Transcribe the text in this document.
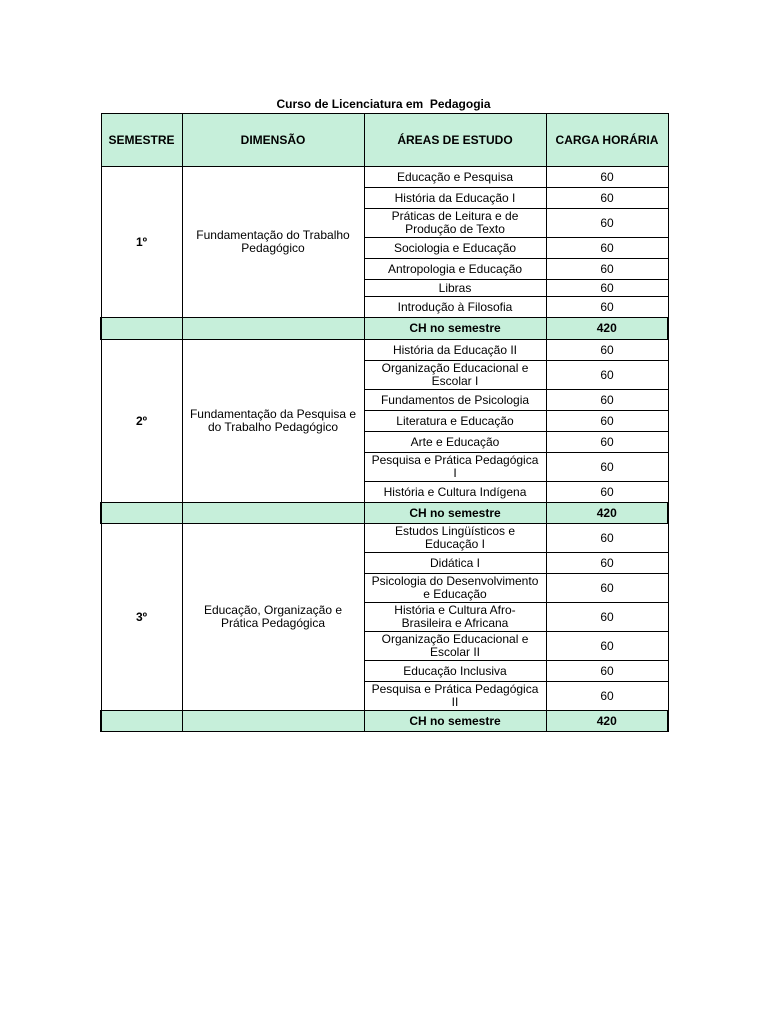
Curso de Licenciatura em  Pedagogia
SEMESTRE	DIMENSÃO	ÁREAS DE ESTUDO	CARGA HORÁRIA
1º	Fundamentação do Trabalho Pedagógico	Educação e Pesquisa	60
		História da Educação I	60
		Práticas de Leitura e de Produção de Texto	60
		Sociologia e Educação	60
		Antropologia e Educação	60
		Libras	60
		Introdução à Filosofia	60
		CH no semestre	420
2º	Fundamentação da Pesquisa e do Trabalho Pedagógico	História da Educação II	60
		Organização Educacional e Escolar I	60
		Fundamentos de Psicologia	60
		Literatura e Educação	60
		Arte e Educação	60
		Pesquisa e Prática Pedagógica I	60
		História e Cultura Indígena	60
		CH no semestre	420
3º	Educação, Organização e Prática Pedagógica	Estudos Lingüísticos e Educação I	60
		Didática I	60
		Psicologia do Desenvolvimento e Educação	60
		História e Cultura Afro-Brasileira e Africana	60
		Organização Educacional e Escolar II	60
		Educação Inclusiva	60
		Pesquisa e Prática Pedagógica II	60
		CH no semestre	420
